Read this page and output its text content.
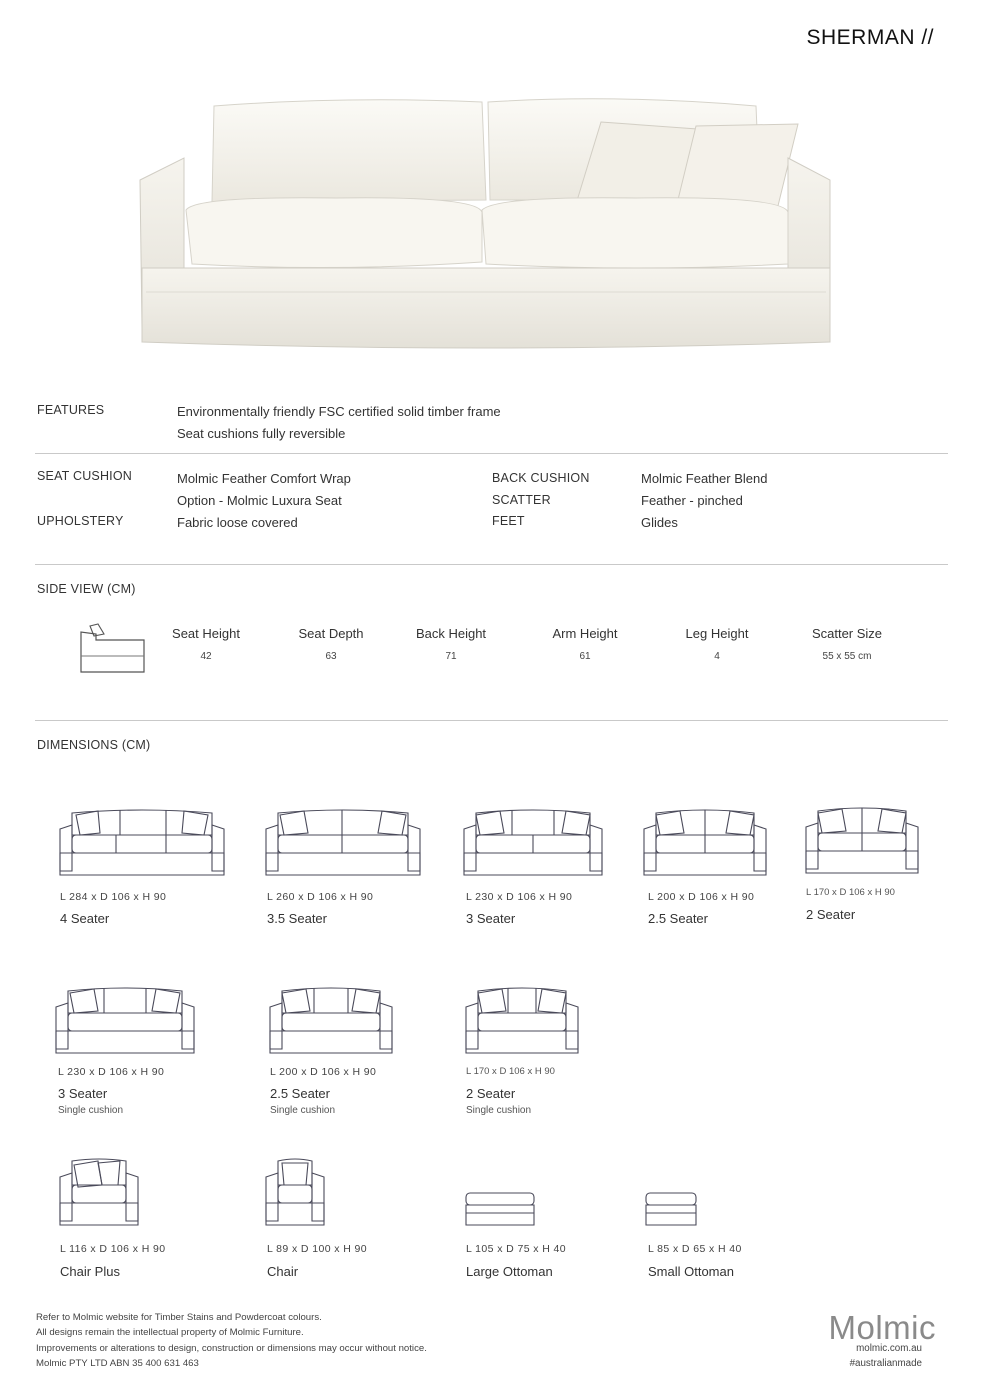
SHERMAN //
FEATURES	Environmentally friendly FSC certified solid timber frame
Seat cushions fully reversible
SEAT CUSHION	Molmic Feather Comfort Wrap
Option - Molmic Luxura Seat
UPHOLSTERY	Fabric loose covered
BACK CUSHION	Molmic Feather Blend
SCATTER	Feather - pinched
FEET	Glides
SIDE VIEW (CM)
Seat Height
42
Seat Depth
63
Back Height
71
Arm Height
61
Leg Height
4
Scatter Size
55 x 55 cm
DIMENSIONS (CM)
L 284 x D 106 x H 90
4 Seater
L 260 x D 106 x H 90
3.5 Seater
L 230 x D 106 x H 90
3 Seater
L 200 x D 106 x H 90
2.5 Seater
L 170 x D 106 x H 90
2 Seater
L 230 x D 106 x H 90
3 Seater
Single cushion
L 200 x D 106 x H 90
2.5 Seater
Single cushion
L 170 x D 106 x H 90
2 Seater
Single cushion
L 116 x D 106 x H 90
Chair Plus
L 89 x D 100 x H 90
Chair
L 105 x D 75 x H 40
Large Ottoman
L 85 x D 65 x H 40
Small Ottoman
Refer to Molmic website for Timber Stains and Powdercoat colours.
All designs remain the intellectual property of Molmic Furniture.
Improvements or alterations to design, construction or dimensions may occur without notice.
Molmic PTY LTD ABN 35 400 631 463
Molmic
molmic.com.au
#australianmade
